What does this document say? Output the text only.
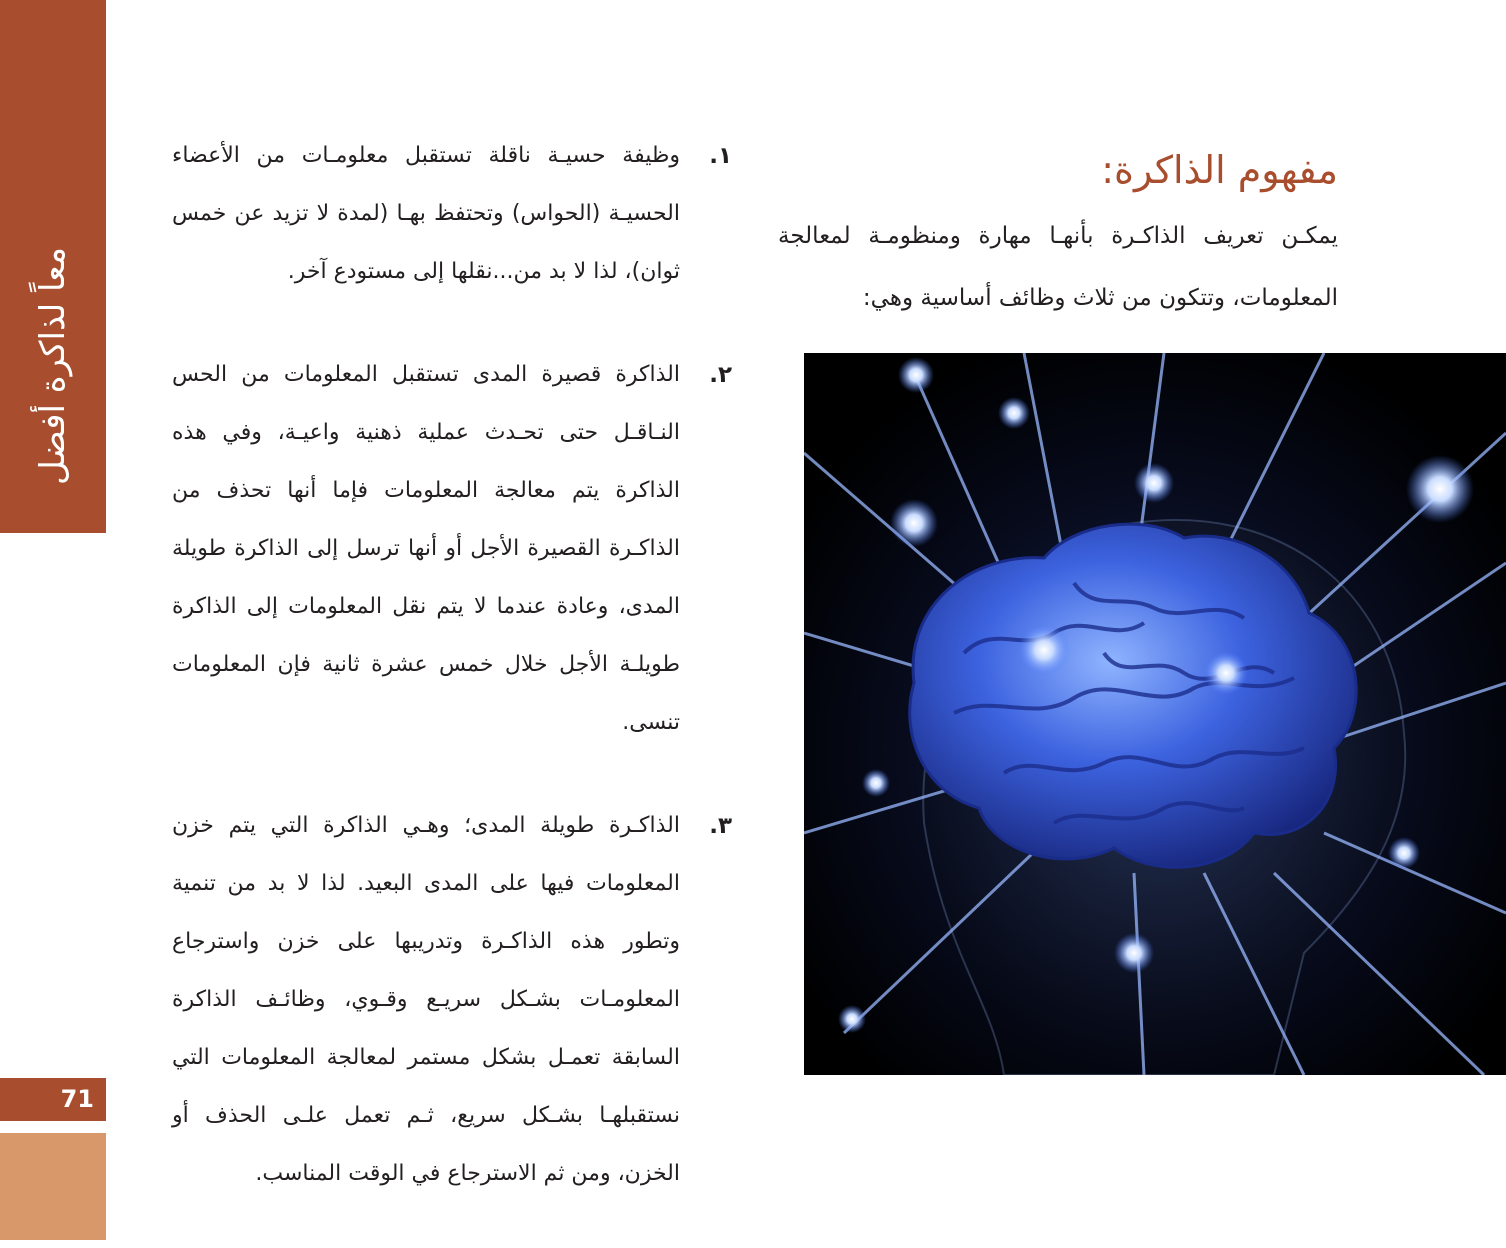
معاً لذاكرة أفضل
71
مفهوم الذاكرة:

يمكـن تعريف الذاكـرة بأنهـا مهارة ومنظومـة لمعالجة المعلومات، وتتكون من ثلاث وظائف أساسية وهي:

١.
وظيفة حسيـة ناقلة تستقبل معلومـات من الأعضاء الحسيـة (الحواس) وتحتفظ بهـا (لمدة لا تزيد عن خمس ثوان)، لذا لا بد من...نقلها إلى مستودع آخر.
٢.
الذاكرة قصيرة المدى تستقبل المعلومات من الحس النـاقـل حتى تحـدث عملية ذهنية واعيـة، وفي هذه الذاكرة يتم معالجة المعلومات فإما أنها تحذف من الذاكـرة القصيرة الأجل أو أنها ترسل إلى الذاكرة طويلة المدى، وعادة عندما لا يتم نقل المعلومات إلى الذاكرة طويلـة الأجل خلال خمس عشرة ثانية فإن المعلومات تنسى.
٣.
الذاكـرة طويلة المدى؛ وهـي الذاكرة التي يتم خزن المعلومات فيها على المدى البعيد. لذا لا بد من تنمية وتطور هذه الذاكـرة وتدريبها على خزن واسترجاع المعلومـات بشـكل سريـع وقـوي، وظائـف الذاكرة السابقة تعمـل بشكل مستمر لمعالجة المعلومات التي نستقبلهـا بشـكل سريع، ثـم تعمل علـى الحذف أو الخزن، ومن ثم الاسترجاع في الوقت المناسب.
